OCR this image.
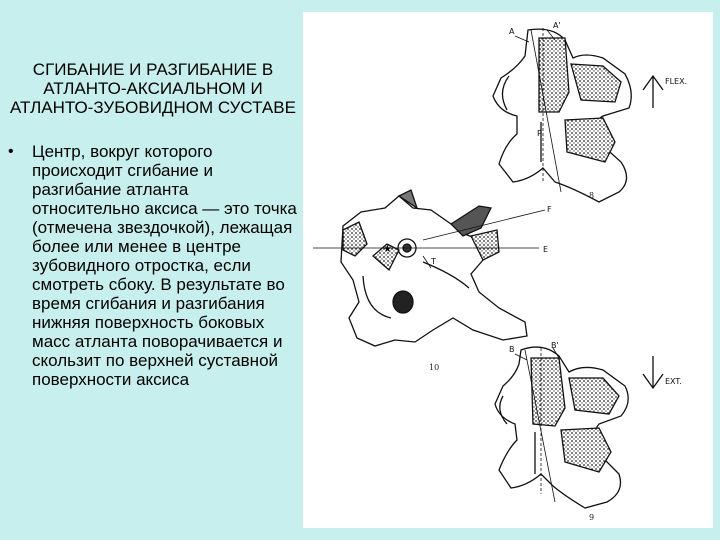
СГИБАНИЕ И РАЗГИБАНИЕ В АТЛАНТО-АКСИАЛЬНОМ И АТЛАНТО-ЗУБОВИДНОМ СУСТАВЕ
• Центр, вокруг которого происходит сгибание и разгибание атланта относительно аксиса — это точка (отмечена звездочкой), лежащая более или менее в центре зубовидного отростка, если смотреть сбоку. В результате во время сгибания и разгибания нижняя поверхность боковых масс атланта поворачивается и скользит по верхней суставной поверхности аксиса
A
A'
P
FLEX.
8
★
F
E
T
10
B	B'
EXT.
9
